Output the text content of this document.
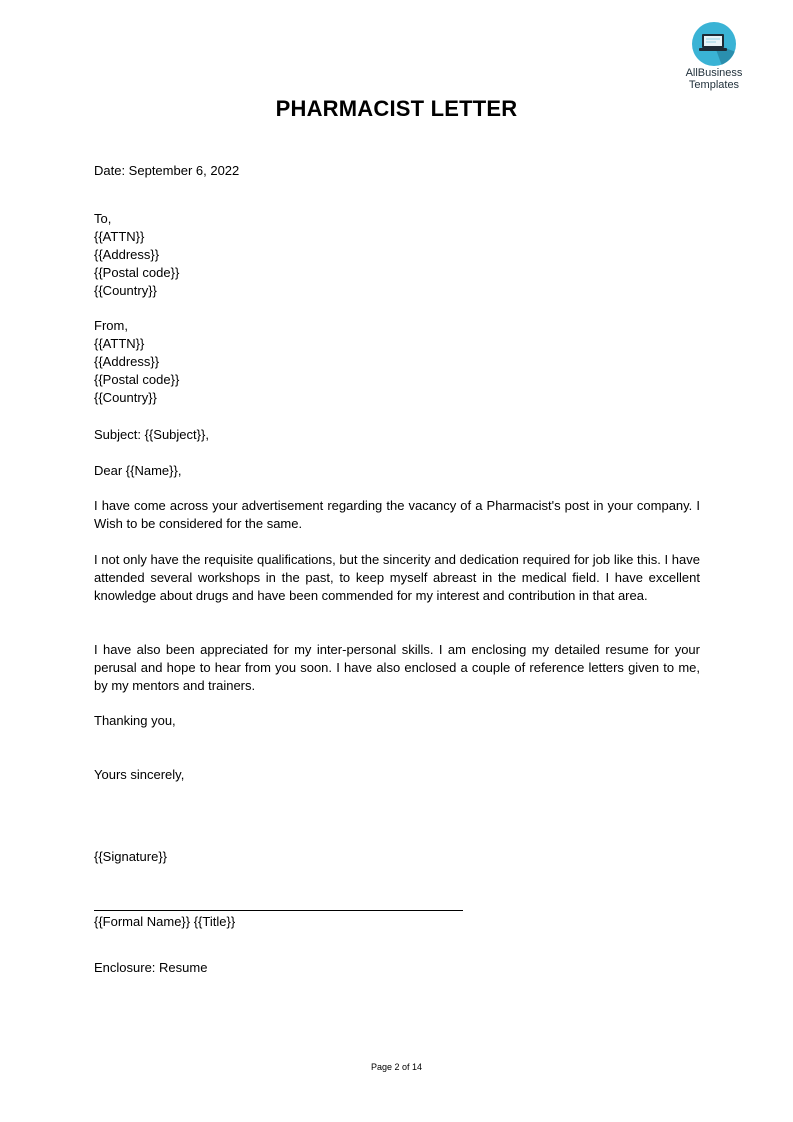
AllBusiness
Templates
PHARMACIST LETTER
Date: September 6, 2022
To,
{{ATTN}}
{{Address}}
{{Postal code}}
{{Country}}
From,
{{ATTN}}
{{Address}}
{{Postal code}}
{{Country}}
Subject: {{Subject}},
Dear {{Name}},
I have come across your advertisement regarding the vacancy of a Pharmacist's post in your company. I Wish to be considered for the same.
I not only have the requisite qualifications, but the sincerity and dedication required for job like this. I have attended several workshops in the past, to keep myself abreast in the medical field. I have excellent knowledge about drugs and have been commended for my interest and contribution in that area.
I have also been appreciated for my inter-personal skills. I am enclosing my detailed resume for your perusal and hope to hear from you soon. I have also enclosed a couple of reference letters given to me, by my mentors and trainers.
Thanking you,
Yours sincerely,
{{Signature}}
{{Formal Name}} {{Title}}
Enclosure: Resume
Page 2 of 14
